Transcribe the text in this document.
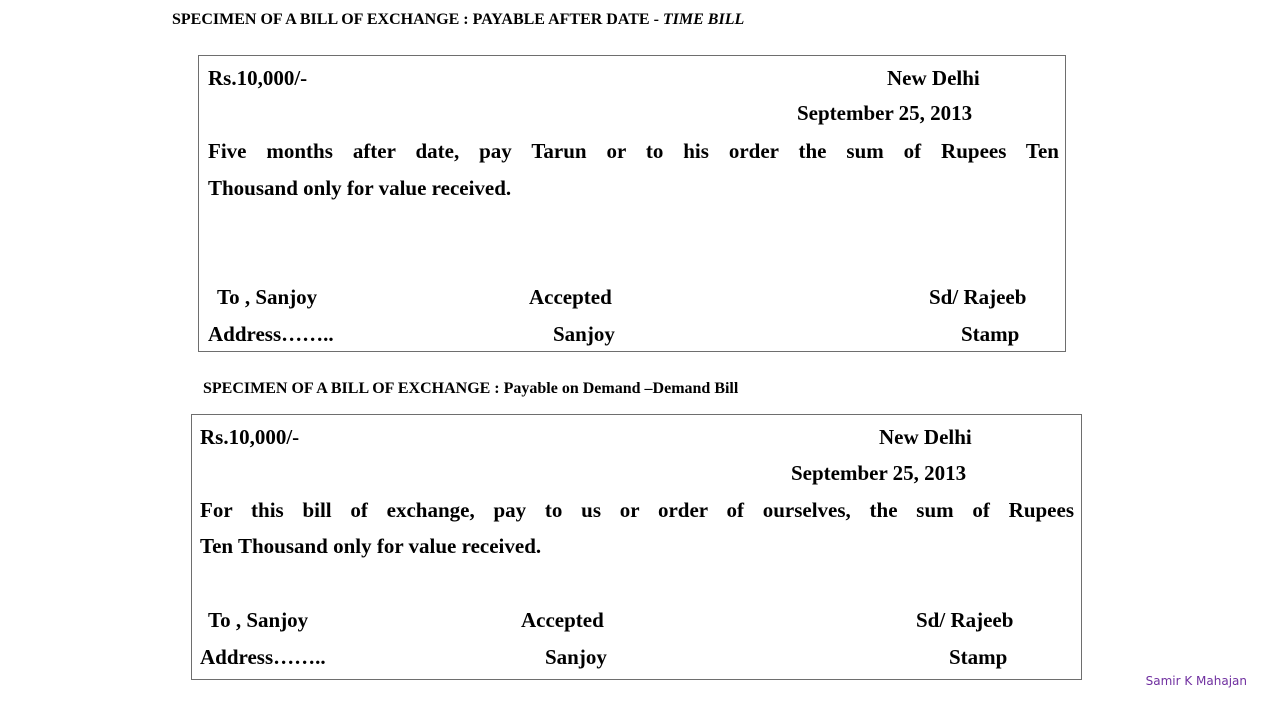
SPECIMEN OF A BILL OF EXCHANGE : PAYABLE AFTER DATE - TIME BILL
Rs.10,000/-	New Delhi
September 25, 2013
Five months after date, pay Tarun or to his order the sum of Rupees Ten
Thousand only for value received.
To , Sanjoy	Accepted	Sd/ Rajeeb
Address……..	Sanjoy	Stamp
SPECIMEN OF A BILL OF EXCHANGE : Payable on Demand –Demand Bill
Rs.10,000/-	New Delhi
September 25, 2013
For this bill of exchange, pay to us or order of ourselves, the sum of Rupees
Ten Thousand only for value received.
To , Sanjoy	Accepted	Sd/ Rajeeb
Address……..	Sanjoy	Stamp
Samir K Mahajan
